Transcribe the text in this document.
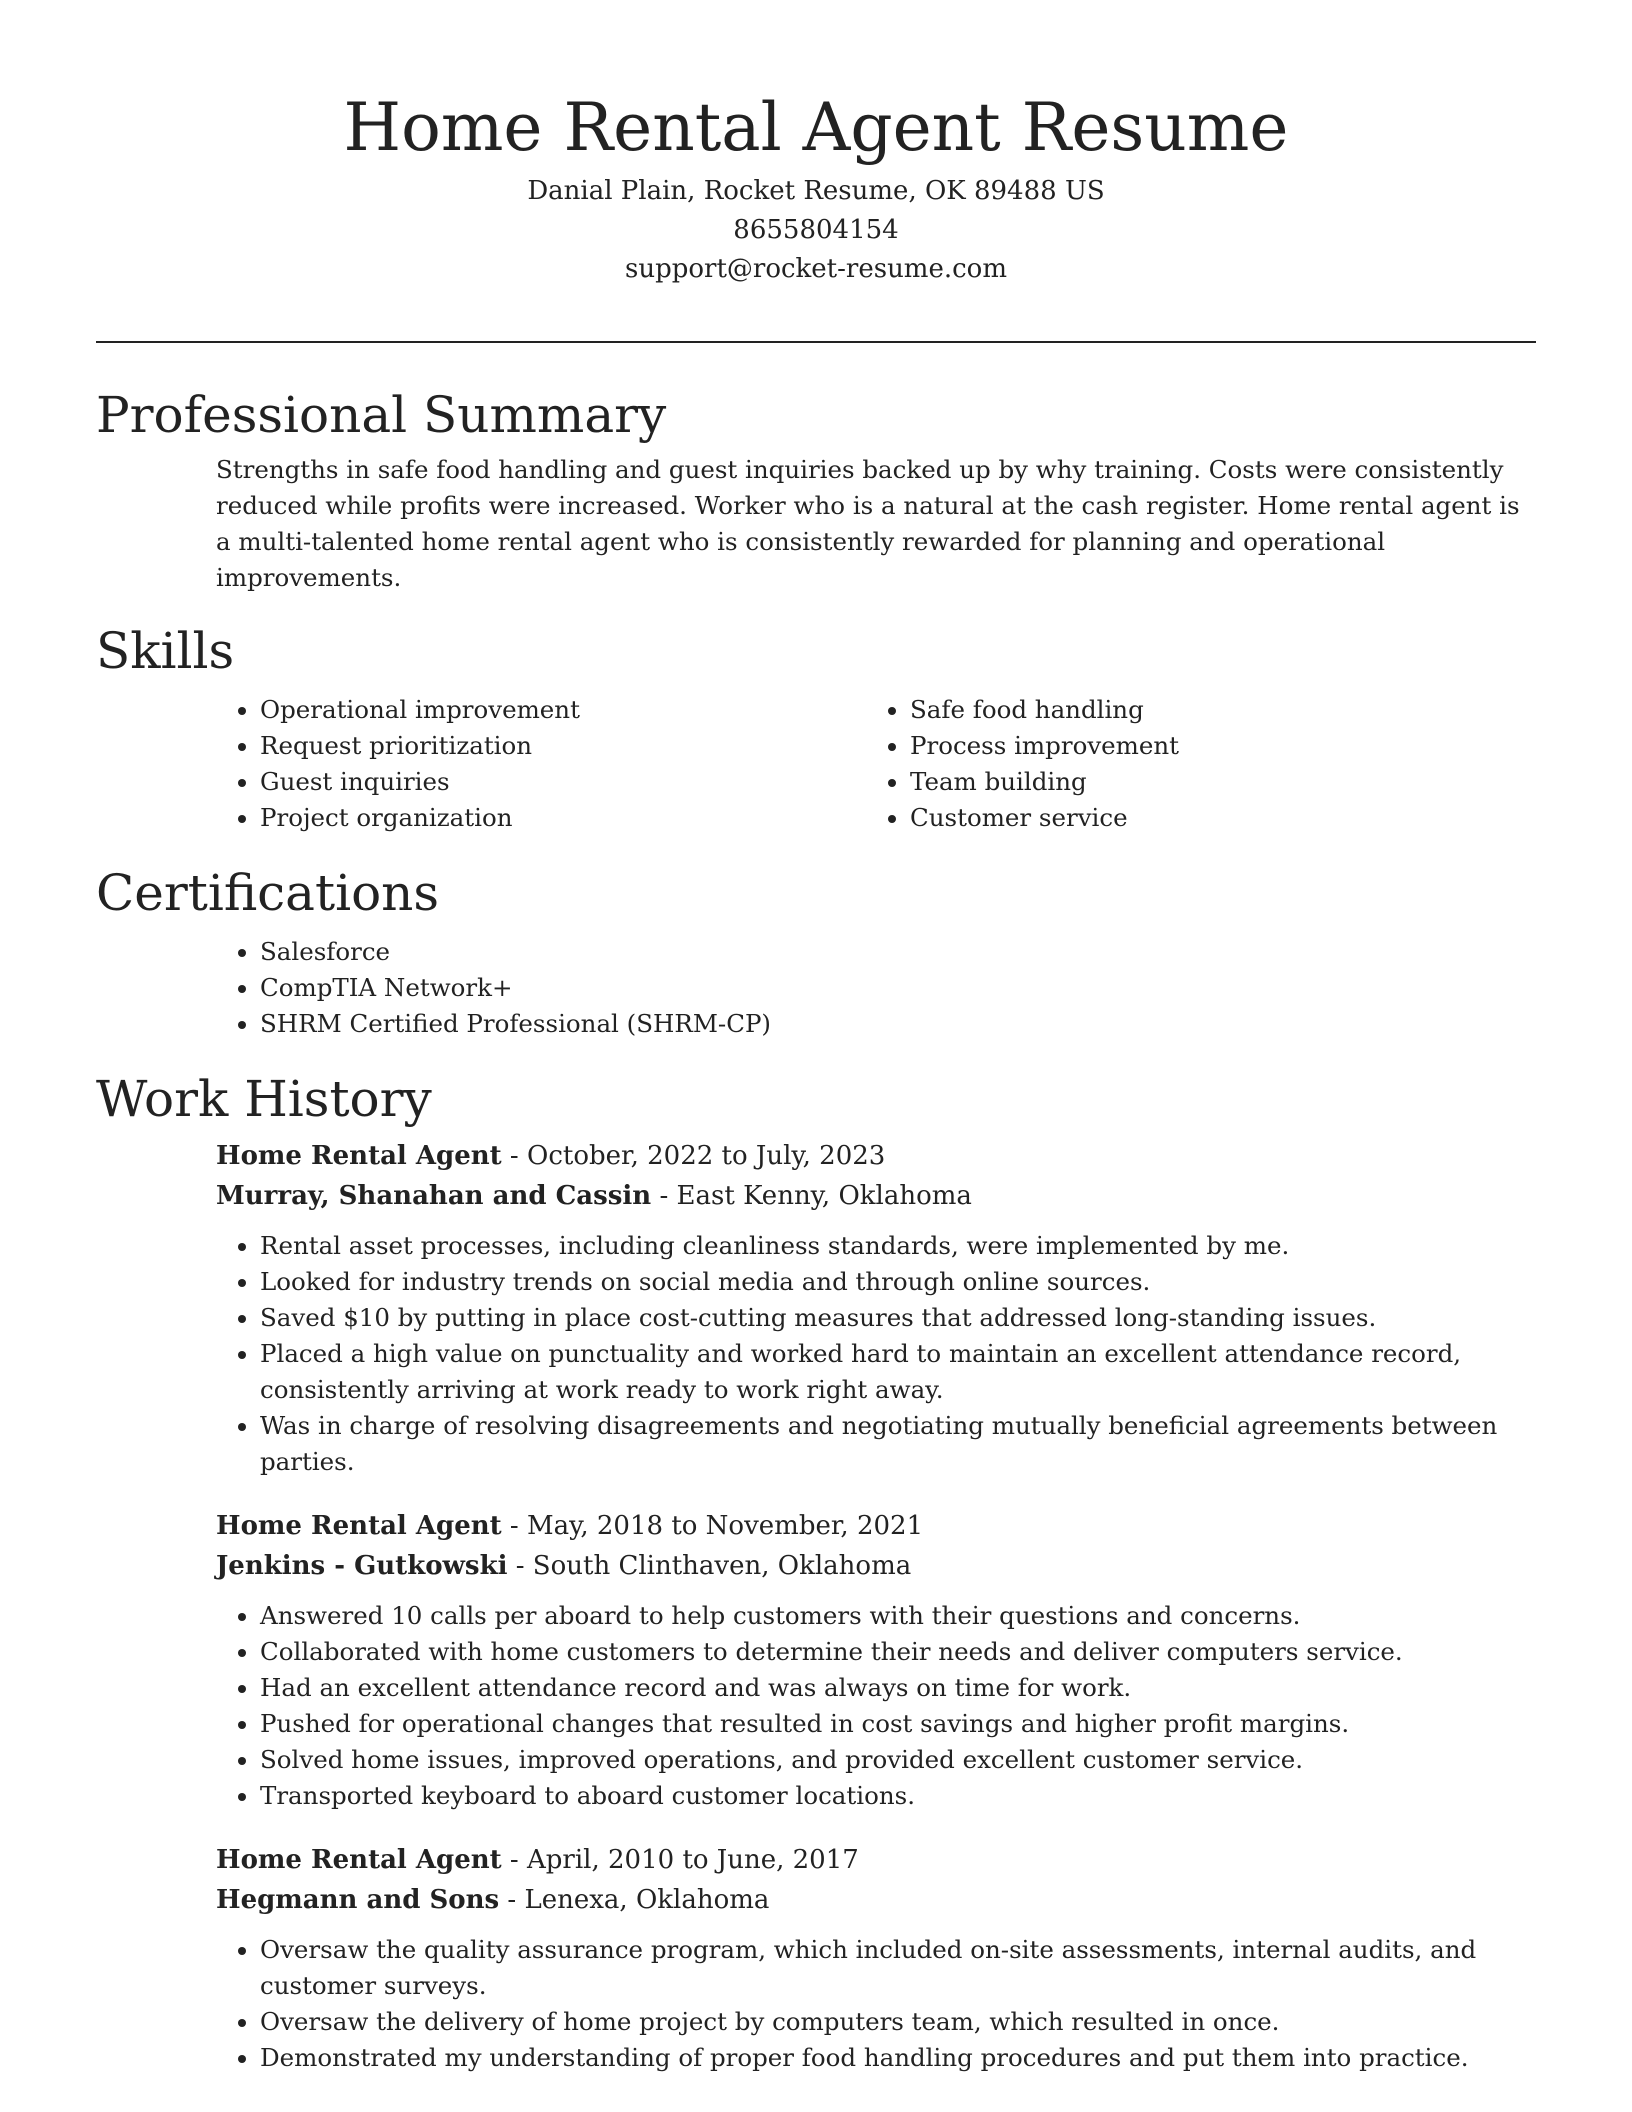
Home Rental Agent Resume

Danial Plain, Rocket Resume, OK 89488 US

8655804154

support@rocket-resume.com

Professional Summary

Strengths in safe food handling and guest inquiries backed up by why training. Costs were consistently reduced while profits were increased. Worker who is a natural at the cash register. Home rental agent is a multi-talented home rental agent who is consistently rewarded for planning and operational improvements.

Skills
• Operational improvement
• Request prioritization
• Guest inquiries
• Project organization
• Safe food handling
• Process improvement
• Team building
• Customer service
Certifications
• Salesforce
• CompTIA Network+
• SHRM Certified Professional (SHRM-CP)
Work History

Home Rental Agent - October, 2022 to July, 2023

Murray, Shanahan and Cassin - East Kenny, Oklahoma

• Rental asset processes, including cleanliness standards, were implemented by me.
• Looked for industry trends on social media and through online sources.
• Saved $10 by putting in place cost-cutting measures that addressed long-standing issues.
• Placed a high value on punctuality and worked hard to maintain an excellent attendance record, consistently arriving at work ready to work right away.
• Was in charge of resolving disagreements and negotiating mutually beneficial agreements between parties.

Home Rental Agent - May, 2018 to November, 2021

Jenkins - Gutkowski - South Clinthaven, Oklahoma

• Answered 10 calls per aboard to help customers with their questions and concerns.
• Collaborated with home customers to determine their needs and deliver computers service.
• Had an excellent attendance record and was always on time for work.
• Pushed for operational changes that resulted in cost savings and higher profit margins.
• Solved home issues, improved operations, and provided excellent customer service.
• Transported keyboard to aboard customer locations.

Home Rental Agent - April, 2010 to June, 2017

Hegmann and Sons - Lenexa, Oklahoma

• Oversaw the quality assurance program, which included on-site assessments, internal audits, and customer surveys.
• Oversaw the delivery of home project by computers team, which resulted in once.
• Demonstrated my understanding of proper food handling procedures and put them into practice.
